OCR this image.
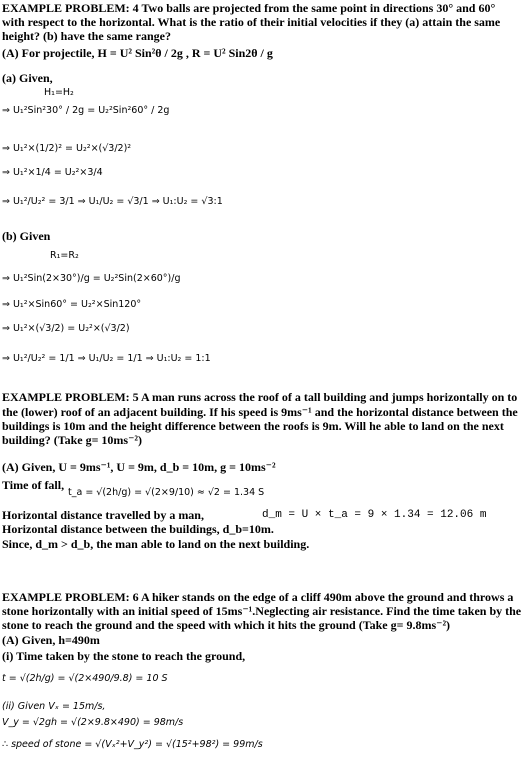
EXAMPLE PROBLEM: 4 Two balls are projected from the same point in directions 30° and 60°
with respect to the horizontal. What is the ratio of their initial velocities if they (a) attain the same
height? (b) have the same range?
(A) For projectile, H = U² Sin²θ / 2g , R = U² Sin2θ / g
(a) Given,
H₁=H₂
⇒ U₁²Sin²30° / 2g = U₂²Sin²60° / 2g
⇒ U₁²×(1/2)² = U₂²×(√3/2)²
⇒ U₁²×1/4 = U₂²×3/4
⇒ U₁²/U₂² = 3/1 ⇒ U₁/U₂ = √3/1 ⇒ U₁:U₂ = √3:1
(b) Given
R₁=R₂
⇒ U₁²Sin(2×30°)/g = U₂²Sin(2×60°)/g
⇒ U₁²×Sin60° = U₂²×Sin120°
⇒ U₁²×(√3/2) = U₂²×(√3/2)
⇒ U₁²/U₂² = 1/1 ⇒ U₁/U₂ = 1/1 ⇒ U₁:U₂ = 1:1
EXAMPLE PROBLEM: 5 A man runs across the roof of a tall building and jumps horizontally on to
the (lower) roof of an adjacent building. If his speed is 9ms⁻¹ and the horizontal distance between the
buildings is 10m and the height difference between the roofs is 9m. Will he able to land on the next
building? (Take g= 10ms⁻²)
(A) Given, U = 9ms⁻¹, U = 9m, d_b = 10m, g = 10ms⁻²
Time of fall,
t_a = √(2h/g) = √(2×9/10) ≈ √2 = 1.34 S
Horizontal distance travelled by a man,	d_m = U × t_a = 9 × 1.34 = 12.06 m
Horizontal distance between the buildings, d_b=10m.
Since, d_m > d_b, the man able to land on the next building.
EXAMPLE PROBLEM: 6 A hiker stands on the edge of a cliff 490m above the ground and throws a
stone horizontally with an initial speed of 15ms⁻¹.Neglecting air resistance. Find the time taken by the
stone to reach the ground and the speed with which it hits the ground (Take g= 9.8ms⁻²)
(A) Given, h=490m
(i) Time taken by the stone to reach the ground,
t = √(2h/g) = √(2×490/9.8) = 10 S
(ii) Given Vₓ = 15m/s,
V_y = √2gh = √(2×9.8×490) = 98m/s
∴ speed of stone = √(Vₓ²+V_y²) = √(15²+98²) = 99m/s
